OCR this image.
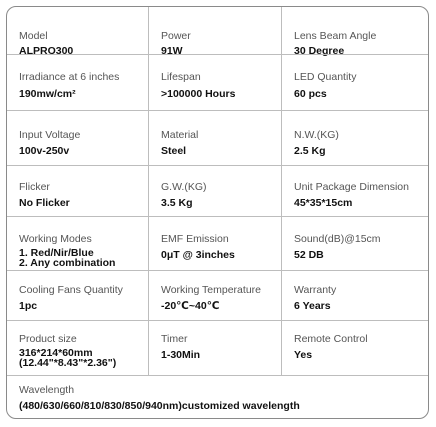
Model
ALPRO300
Power
91W
Lens Beam Angle
30 Degree
Irradiance at 6 inches
190mw/cm²
Lifespan
>100000 Hours
LED Quantity
60 pcs
Input Voltage
100v-250v
Material
Steel
N.W.(KG)
2.5 Kg
Flicker
No Flicker
G.W.(KG)
3.5 Kg
Unit Package Dimension
45*35*15cm
Working Modes
1. Red/Nir/Blue
2. Any combination
EMF Emission
0μT @ 3inches
Sound(dB)@15cm
52 DB
Cooling Fans Quantity
1pc
Working Temperature
-20℃~40℃
Warranty
6 Years
Product size
316*214*60mm
(12.44"*8.43"*2.36")
Timer
1-30Min
Remote Control
Yes
Wavelength
(480/630/660/810/830/850/940nm)customized wavelength
